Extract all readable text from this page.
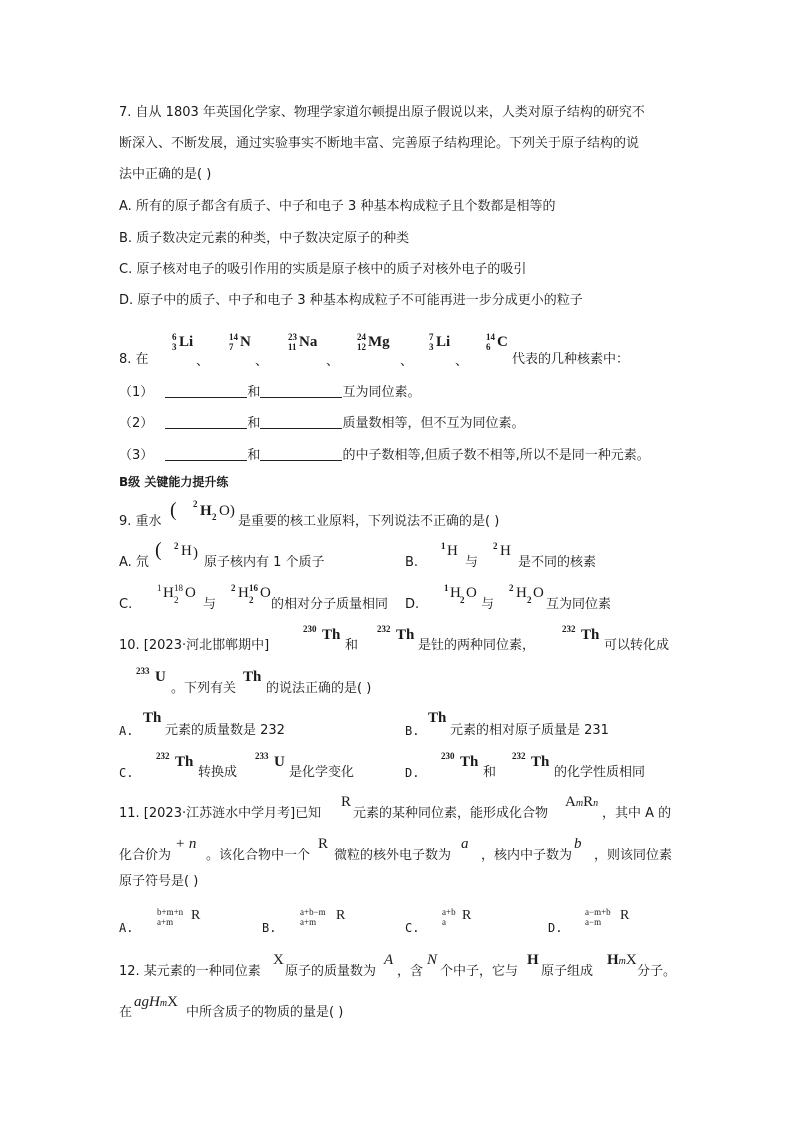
7. 自从 1803 年英国化学家、物理学家道尔顿提出原子假说以来，人类对原子结构的研究不
断深入、不断发展，通过实验事实不断地丰富、完善原子结构理论。下列关于原子结构的说
法中正确的是( )
A. 所有的原子都含有质子、中子和电子 3 种基本构成粒子且个数都是相等的
B. 质子数决定元素的种类，中子数决定原子的种类
C. 原子核对电子的吸引作用的实质是原子核中的质子对核外电子的吸引
D. 原子中的质子、中子和电子 3 种基本构成粒子不可能再进一步分成更小的粒子
8. 在
6
3 Li
、
14
7 N
、
23
11 Na
、
24
12 Mg
、
7
3 Li
、
14
6 C
代表的几种核素中：
（1）	和	互为同位素。
（2）	和	质量数相等，但不互为同位素。
（3）	和	的中子数相等,但质子数不相等,所以不是同一种元素。
B级 关键能力提升练
9. 重水
( 2 H 2 O)
是重要的核工业原料，下列说法不正确的是( )
A. 氘
( 2 H )
原子核内有 1 个质子	B.
1 H
与
2 H
是不同的核素
C.
1 H 2
18 O
与
2 H 2
16 O
的相对分子质量相同 D.
1 H 2 O
与
2 H 2 O
互为同位素
10. [2023·河北邯郸期中]
230 Th
和
232 Th
是钍的两种同位素，
232 Th
可以转化成
233 U
。下列有关
Th
的说法正确的是( )
A.
Th
元素的质量数是 232	B.
Th
元素的相对原子质量是 231
C.
232 Th
转换成
233 U
是化学变化	D.
230 Th
和
232 Th
的化学性质相同
11. [2023·江苏涟水中学月考]已知
R
元素的某种同位素，能形成化合物
AmRn
，其中 A 的
化合价为
+ n
。该化合物中一个
R
微粒的核外电子数为
a
，核内中子数为
b
，则该同位素
原子符号是( )
A.
b+m+n
a+m R
B.
a+b−m
a+m R
C.
a+b
a R
D.
a−m+b
a−m R
12. 某元素的一种同位素
X
原子的质量数为
A
，含
N
个中子，它与
H
原子组成
HmX
分子。
在
agHmX
中所含质子的物质的量是( )
